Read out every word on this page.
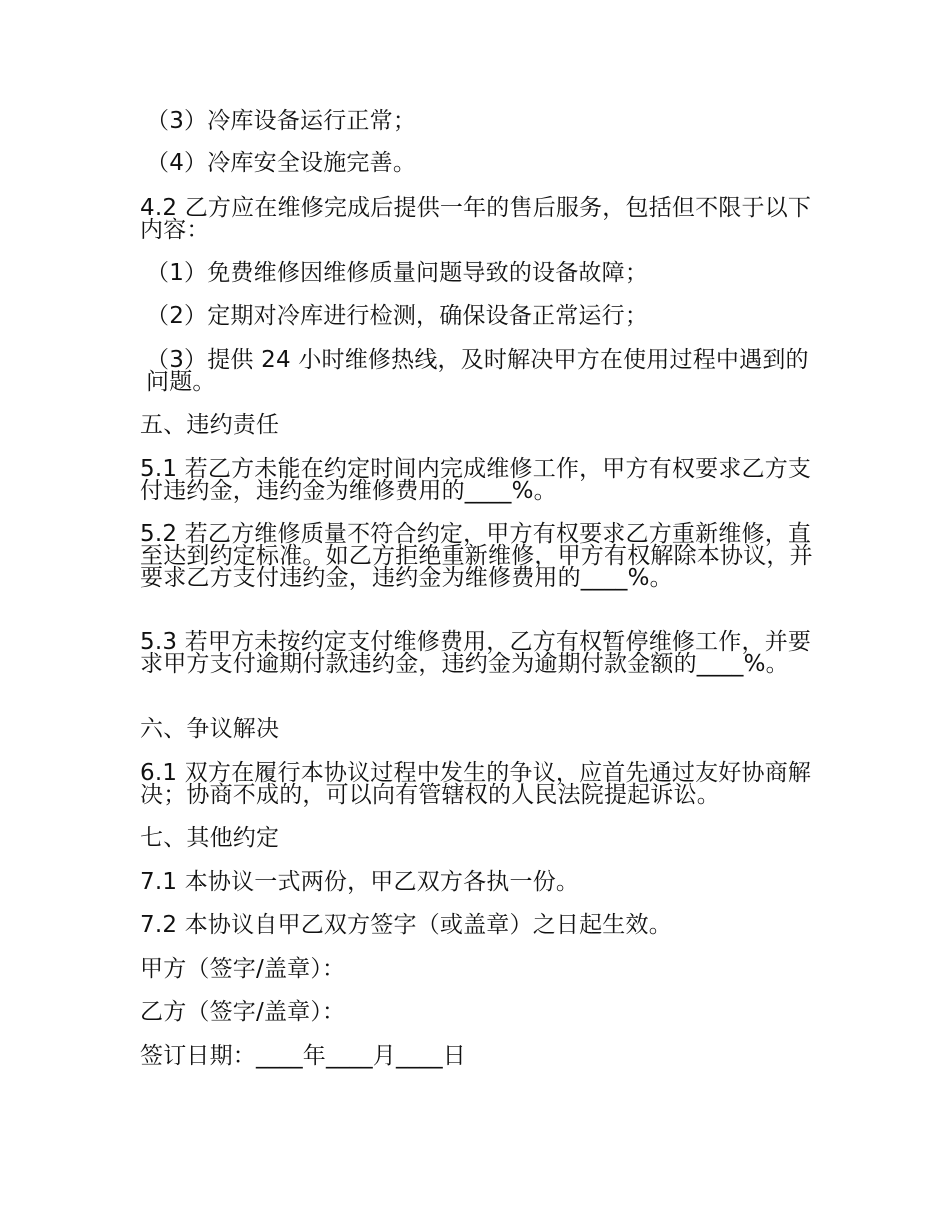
（3）冷库设备运行正常；

（4）冷库安全设施完善。

4.2 乙方应在维修完成后提供一年的售后服务，包括但不限于以下内容：

（1）免费维修因维修质量问题导致的设备故障；

（2）定期对冷库进行检测，确保设备正常运行；

（3）提供 24 小时维修热线，及时解决甲方在使用过程中遇到的问题。

五、违约责任

5.1 若乙方未能在约定时间内完成维修工作，甲方有权要求乙方支付违约金，违约金为维修费用的____%。

5.2 若乙方维修质量不符合约定，甲方有权要求乙方重新维修，直至达到约定标准。如乙方拒绝重新维修，甲方有权解除本协议，并要求乙方支付违约金，违约金为维修费用的____%。

5.3 若甲方未按约定支付维修费用，乙方有权暂停维修工作，并要求甲方支付逾期付款违约金，违约金为逾期付款金额的____%。

六、争议解决

6.1 双方在履行本协议过程中发生的争议，应首先通过友好协商解决；协商不成的，可以向有管辖权的人民法院提起诉讼。

七、其他约定

7.1 本协议一式两份，甲乙双方各执一份。

7.2 本协议自甲乙双方签字（或盖章）之日起生效。

甲方（签字/盖章）：

乙方（签字/盖章）：

签订日期：____年____月____日
